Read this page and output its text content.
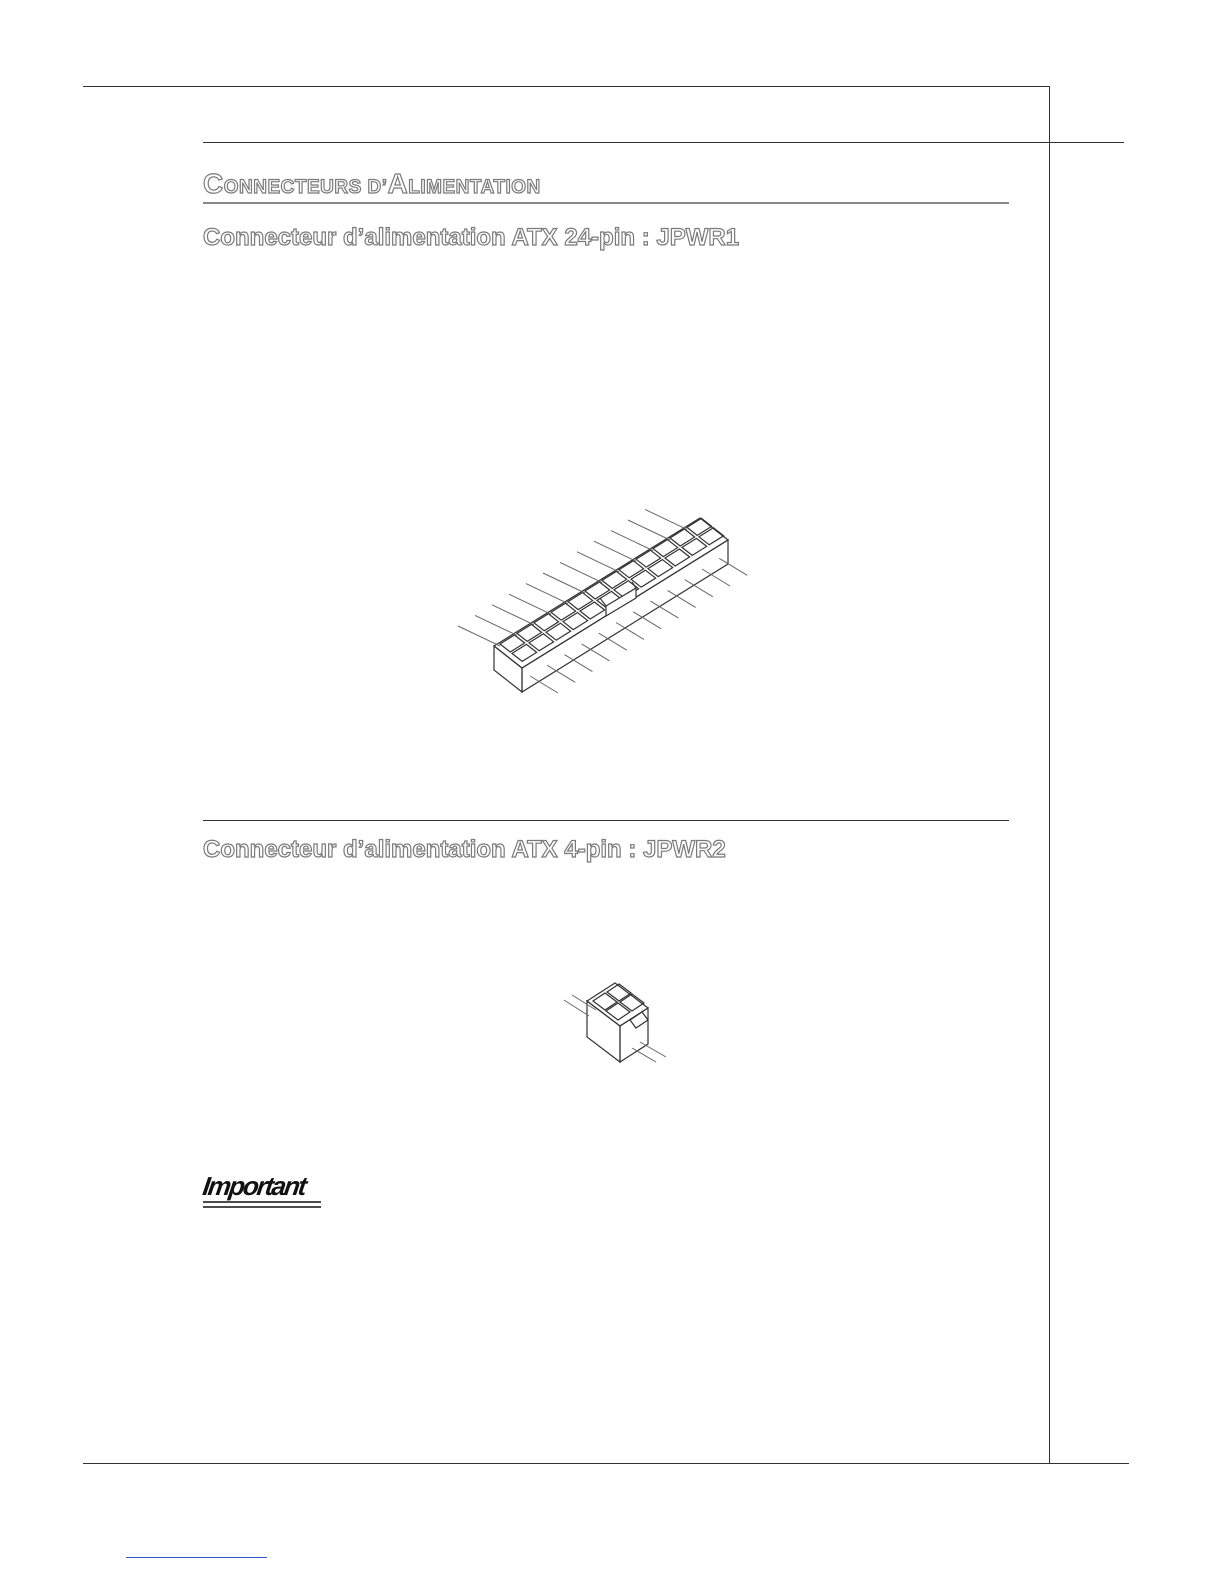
CONNECTEURS D’ALIMENTATION
Connecteur d’alimentation ATX 24-pin : JPWR1
Connecteur d’alimentation ATX 4-pin : JPWR2
Important
